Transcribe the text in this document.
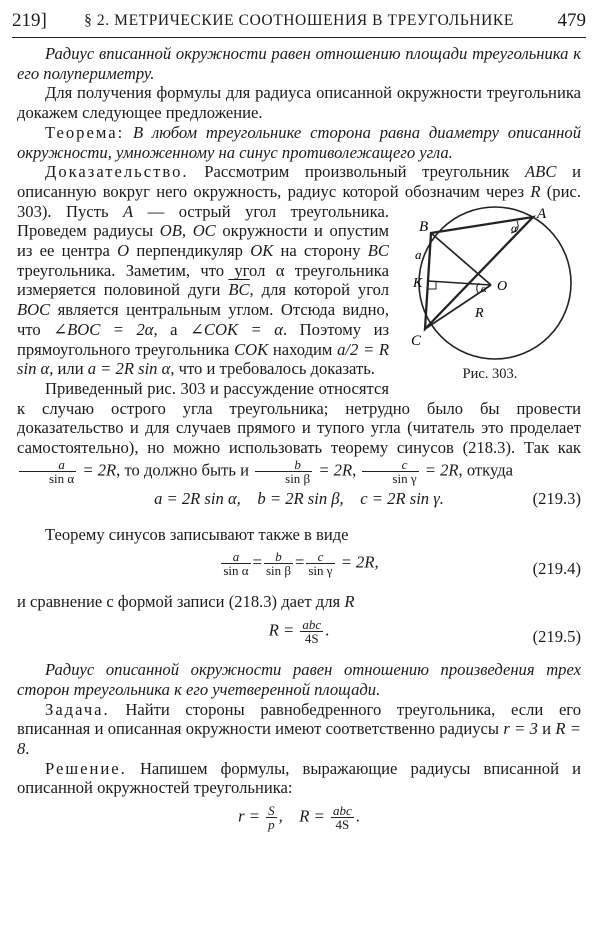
219]	§ 2. МЕТРИЧЕСКИЕ СООТНОШЕНИЯ В ТРЕУГОЛЬНИКЕ	479

Радиус вписанной окружности равен отношению площади треугольника к его полупериметру.

Для получения формулы для радиуса описанной окружности треугольника докажем следующее предложение.

Теорема: В любом треугольнике сторона равна диаметру описанной окружности, умноженному на синус противолежащего угла.

Доказательство. Рассмотрим произвольный треугольник ABC и описанную вокруг него окружность, радиус которой обозначим через R (рис. 303). Пусть A
B
A
a
K	O
R
C
α
α
Рис. 303.
— острый угол треугольника. Проведем радиусы OB, OC окружности и опустим из ее центра O перпендикуляр OK на сторону BC треугольника. Заметим, что угол α треугольника измеряется половиной дуги $\overline{BC}$, для которой угол BOC является центральным углом. Отсюда видно, что ∠BOC = 2α, а ∠COK = α. Поэтому из прямоугольного треугольника COK находим a/2 = R sin α, или a = 2R sin α, что и требовалось доказать.

Приведенный рис. 303 и рассуждение относятся к случаю острого угла треугольника; нетрудно было бы провести доказательство и для случаев прямого и тупого угла (читатель это проделает самостоятельно), но можно использовать теорему синусов (218.3). Так как
$\frac{a}{\text{sin α}} = 2R$, то должно быть и $\frac{b}{\text{sin β}} = 2R$, $\frac{c}{\text{sin γ}} = 2R$, откуда

a = 2R sin α,    b = 2R sin β,    c = 2R sin γ.	(219.3)

Теорему синусов записывают также в виде

$\frac{a}{\text{sin α}} = \frac{b}{\text{sin β}} = \frac{c}{\text{sin γ}} = 2R$,	(219.4)

и сравнение с формой записи (218.3) дает для R

$R = \frac{\text{abc}}{4S}$ .	(219.5)

Радиус описанной окружности равен отношению произведения трех сторон треугольника к его учетверенной площади.

Задача. Найти стороны равнобедренного треугольника, если его вписанная и описанная окружности имеют соответственно радиусы r = 3 и R = 8.

Решение. Напишем формулы, выражающие радиусы вписанной и описанной окружностей треугольника:

$r = \frac{S}{p}$ ,    $R = \frac{\text{abc}}{4S}$ .
